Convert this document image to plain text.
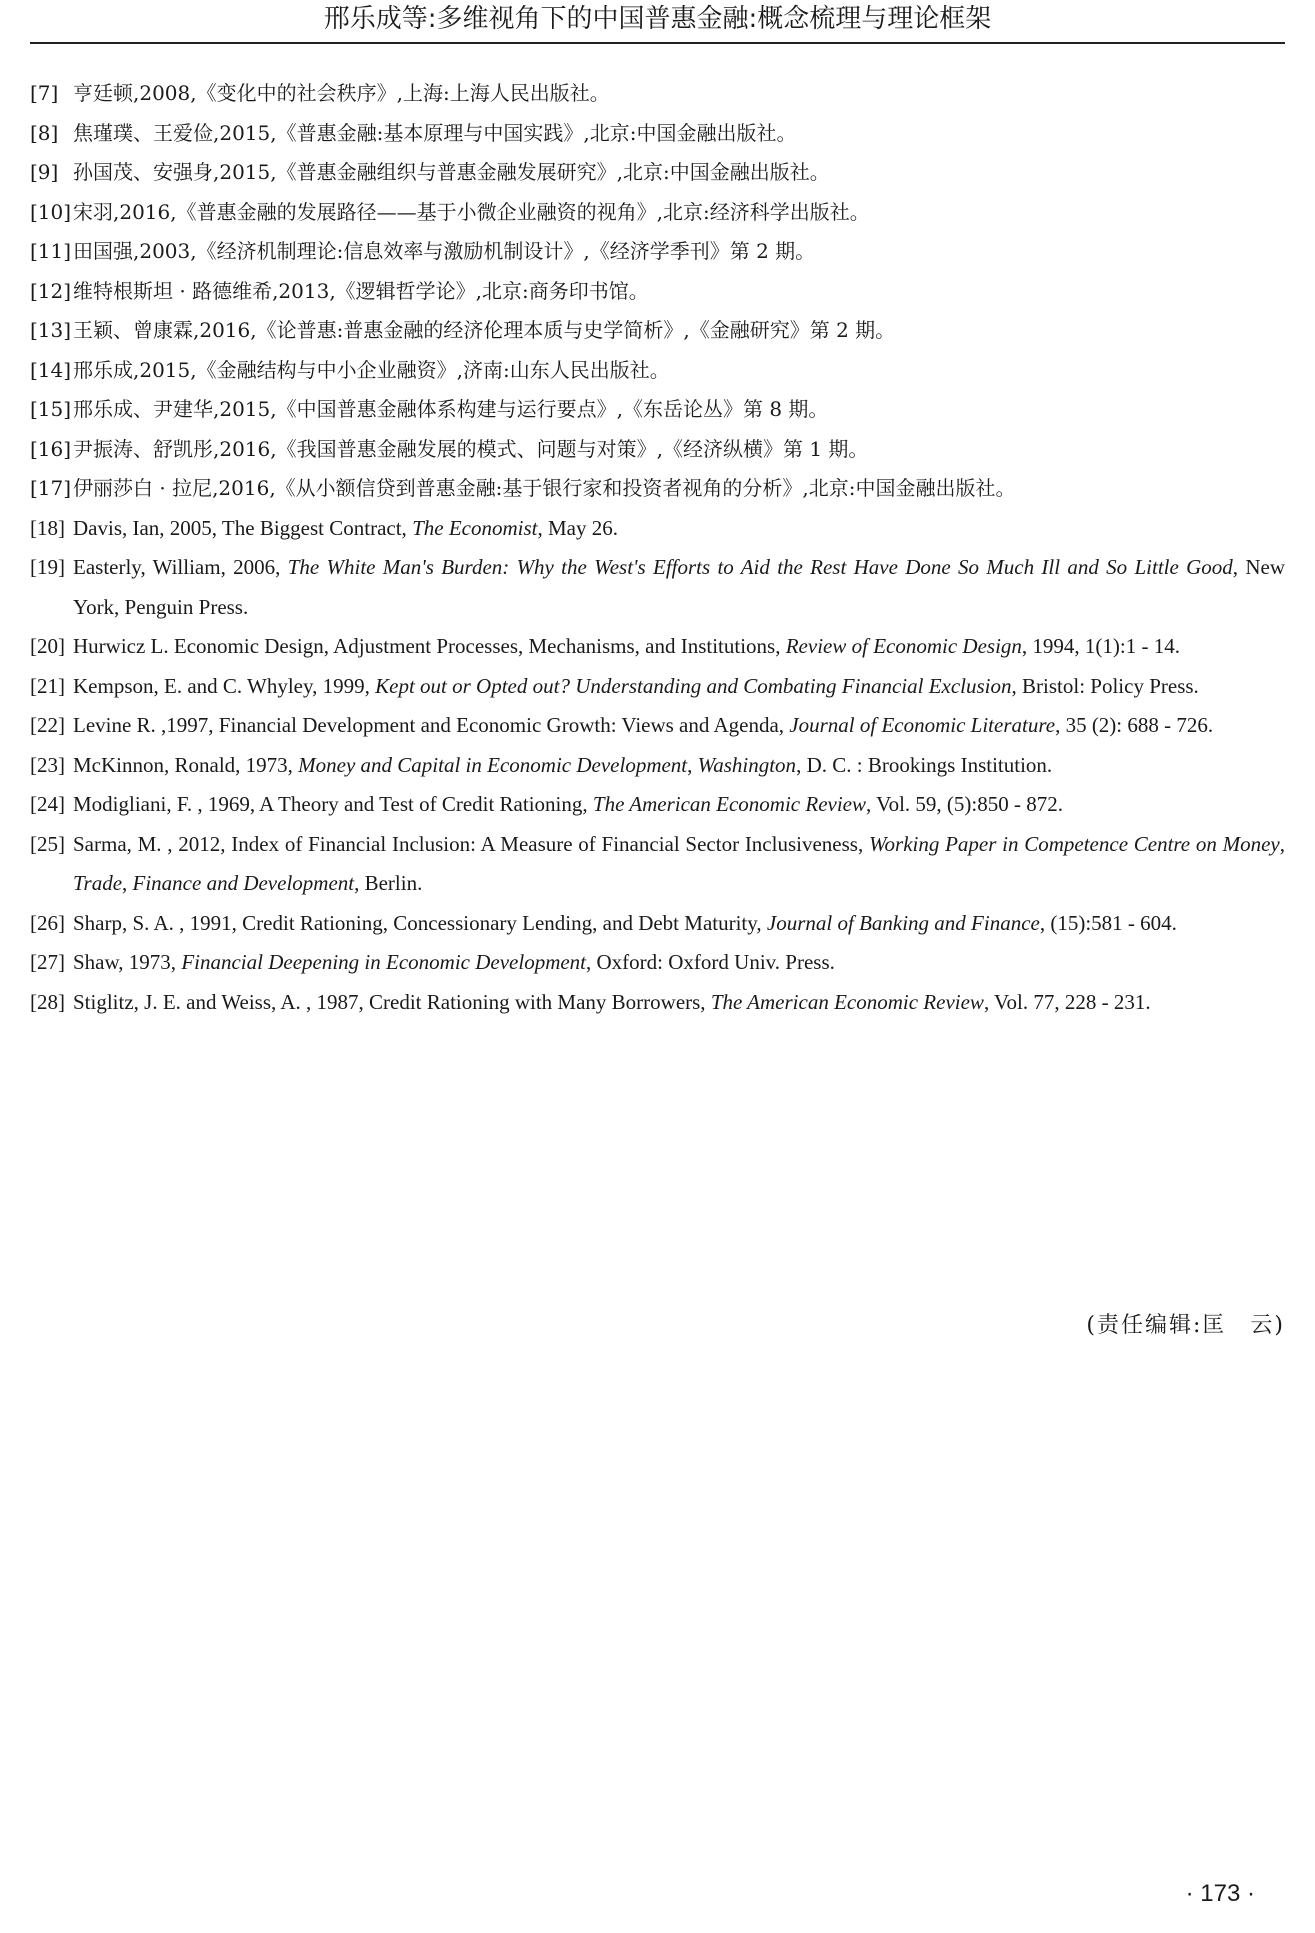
邢乐成等:多维视角下的中国普惠金融:概念梳理与理论框架
[7] 亨廷顿,2008,《变化中的社会秩序》,上海:上海人民出版社。
[8] 焦瑾璞、王爱俭,2015,《普惠金融:基本原理与中国实践》,北京:中国金融出版社。
[9] 孙国茂、安强身,2015,《普惠金融组织与普惠金融发展研究》,北京:中国金融出版社。
[10] 宋羽,2016,《普惠金融的发展路径——基于小微企业融资的视角》,北京:经济科学出版社。
[11] 田国强,2003,《经济机制理论:信息效率与激励机制设计》,《经济学季刊》第 2 期。
[12] 维特根斯坦 · 路德维希,2013,《逻辑哲学论》,北京:商务印书馆。
[13] 王颖、曾康霖,2016,《论普惠:普惠金融的经济伦理本质与史学简析》,《金融研究》第 2 期。
[14] 邢乐成,2015,《金融结构与中小企业融资》,济南:山东人民出版社。
[15] 邢乐成、尹建华,2015,《中国普惠金融体系构建与运行要点》,《东岳论丛》第 8 期。
[16] 尹振涛、舒凯彤,2016,《我国普惠金融发展的模式、问题与对策》,《经济纵横》第 1 期。
[17] 伊丽莎白 · 拉尼,2016,《从小额信贷到普惠金融:基于银行家和投资者视角的分析》,北京:中国金融出版社。
[18] Davis, Ian, 2005, The Biggest Contract, The Economist, May 26.
[19] Easterly, William, 2006, The White Man's Burden: Why the West's Efforts to Aid the Rest Have Done So Much Ill and So Little Good, New York, Penguin Press.
[20] Hurwicz L. Economic Design, Adjustment Processes, Mechanisms, and Institutions, Review of Economic Design, 1994, 1(1):1 - 14.
[21] Kempson, E. and C. Whyley, 1999, Kept out or Opted out? Understanding and Combating Financial Exclusion, Bristol: Policy Press.
[22] Levine R. ,1997, Financial Development and Economic Growth: Views and Agenda, Journal of Economic Literature, 35 (2): 688 - 726.
[23] McKinnon, Ronald, 1973, Money and Capital in Economic Development, Washington, D. C. : Brookings Institution.
[24] Modigliani, F. , 1969, A Theory and Test of Credit Rationing, The American Economic Review, Vol. 59, (5):850 - 872.
[25] Sarma, M. , 2012, Index of Financial Inclusion: A Measure of Financial Sector Inclusiveness, Working Paper in Competence Centre on Money, Trade, Finance and Development, Berlin.
[26] Sharp, S. A. , 1991, Credit Rationing, Concessionary Lending, and Debt Maturity, Journal of Banking and Finance, (15):581 - 604.
[27] Shaw, 1973, Financial Deepening in Economic Development, Oxford: Oxford Univ. Press.
[28] Stiglitz, J. E. and Weiss, A. , 1987, Credit Rationing with Many Borrowers, The American Economic Review, Vol. 77, 228 - 231.
(责任编辑:匡　云)
· 173 ·
